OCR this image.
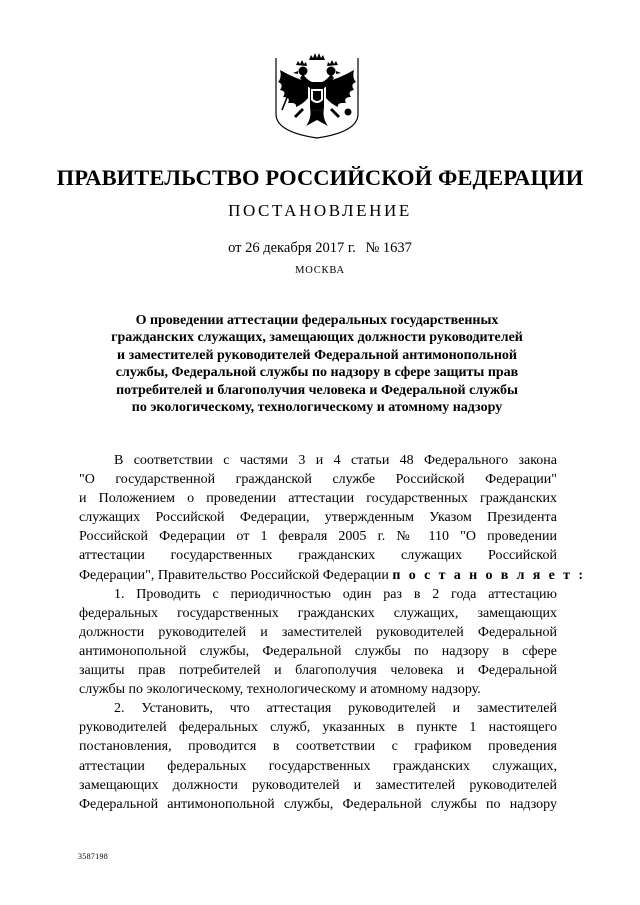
ПРАВИТЕЛЬСТВО РОССИЙСКОЙ ФЕДЕРАЦИИ
ПОСТАНОВЛЕНИЕ
от 26 декабря 2017 г. № 1637
МОСКВА
О проведении аттестации федеральных государственных
гражданских служащих, замещающих должности руководителей
и заместителей руководителей Федеральной антимонопольной
службы, Федеральной службы по надзору в сфере защиты прав
потребителей и благополучия человека и Федеральной службы
по экологическому, технологическому и атомному надзору
В соответствии с частями 3 и 4 статьи 48 Федерального закона
"О государственной гражданской службе Российской Федерации"
и Положением о проведении аттестации государственных гражданских
служащих Российской Федерации, утвержденным Указом Президента
Российской Федерации от 1 февраля 2005 г. № 110 "О проведении
аттестации государственных гражданских служащих Российской
Федерации", Правительство Российской Федерации п о с т а н о в л я е т :
1. Проводить с периодичностью один раз в 2 года аттестацию
федеральных государственных гражданских служащих, замещающих
должности руководителей и заместителей руководителей Федеральной
антимонопольной службы, Федеральной службы по надзору в сфере
защиты прав потребителей и благополучия человека и Федеральной
службы по экологическому, технологическому и атомному надзору.
2. Установить, что аттестация руководителей и заместителей
руководителей федеральных служб, указанных в пункте 1 настоящего
постановления, проводится в соответствии с графиком проведения
аттестации федеральных государственных гражданских служащих,
замещающих должности руководителей и заместителей руководителей
Федеральной антимонопольной службы, Федеральной службы по надзору
3587198
